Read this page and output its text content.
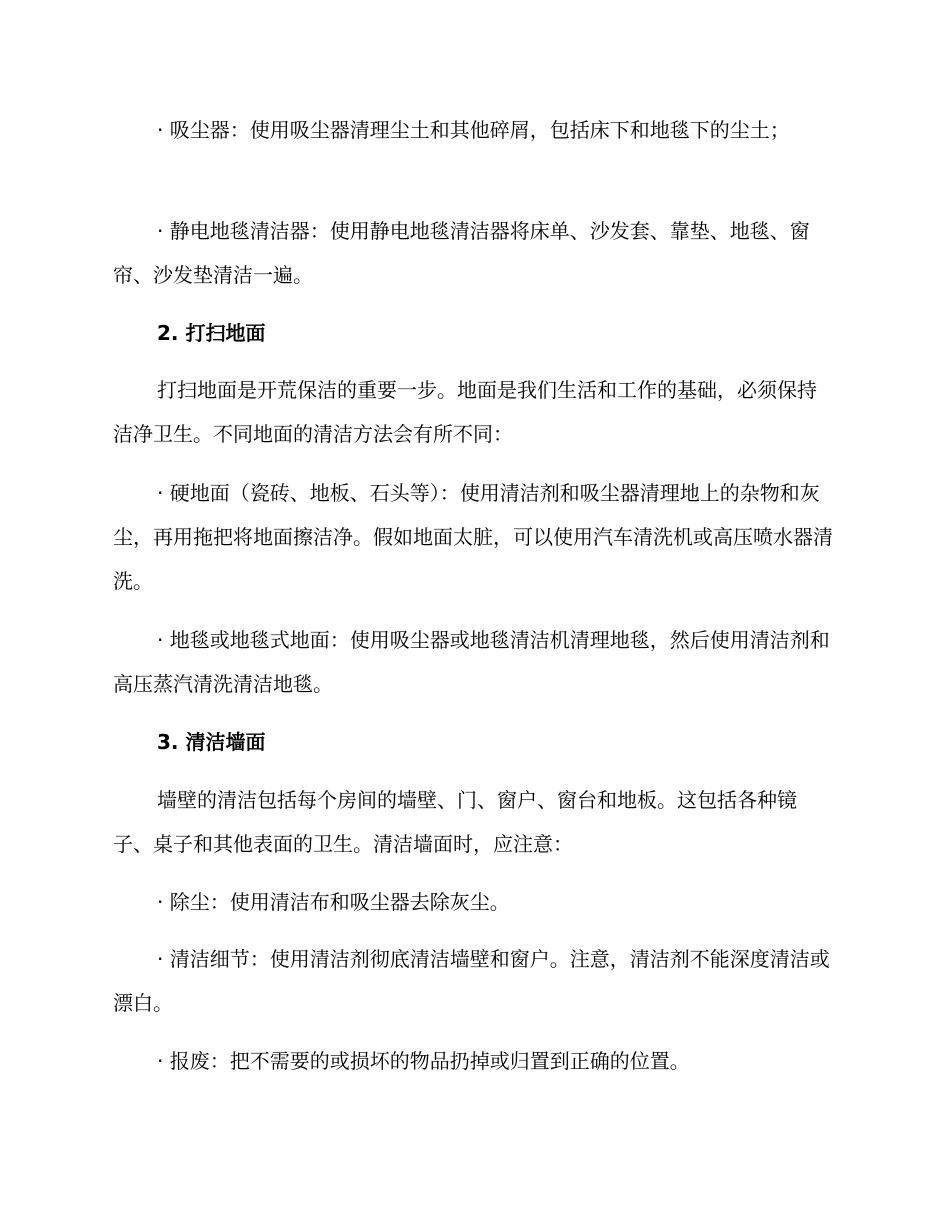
· 吸尘器：使用吸尘器清理尘土和其他碎屑，包括床下和地毯下的尘土；

· 静电地毯清洁器：使用静电地毯清洁器将床单、沙发套、靠垫、地毯、窗帘、沙发垫清洁一遍。

2. 打扫地面

打扫地面是开荒保洁的重要一步。地面是我们生活和工作的基础，必须保持洁净卫生。不同地面的清洁方法会有所不同：

· 硬地面（瓷砖、地板、石头等）：使用清洁剂和吸尘器清理地上的杂物和灰尘，再用拖把将地面擦洁净。假如地面太脏，可以使用汽车清洗机或高压喷水器清洗。

· 地毯或地毯式地面：使用吸尘器或地毯清洁机清理地毯，然后使用清洁剂和高压蒸汽清洗清洁地毯。

3. 清洁墙面

墙壁的清洁包括每个房间的墙壁、门、窗户、窗台和地板。这包括各种镜子、桌子和其他表面的卫生。清洁墙面时，应注意：

· 除尘：使用清洁布和吸尘器去除灰尘。

· 清洁细节：使用清洁剂彻底清洁墙壁和窗户。注意，清洁剂不能深度清洁或漂白。

· 报废：把不需要的或损坏的物品扔掉或归置到正确的位置。
